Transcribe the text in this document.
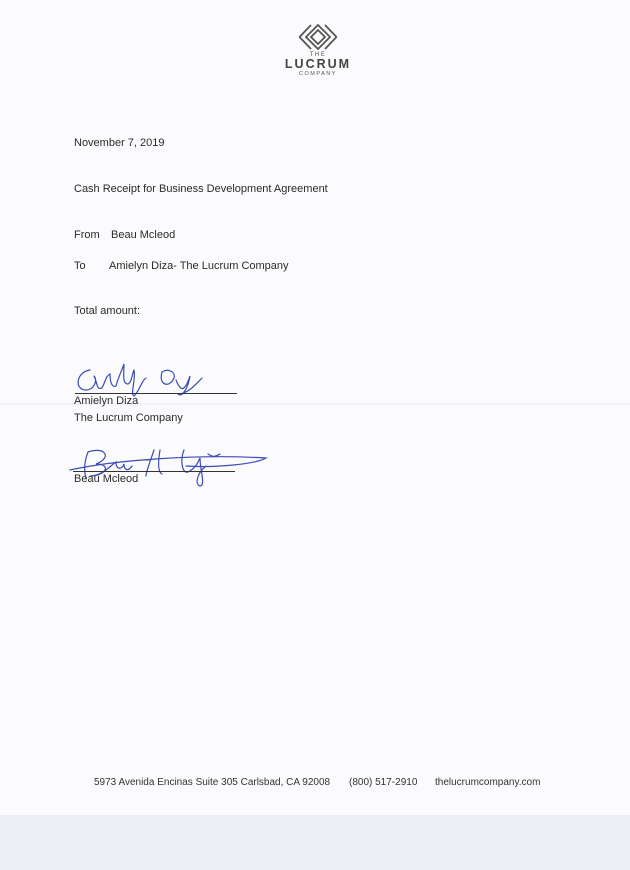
THE
LUCRUM
COMPANY
November 7, 2019
Cash Receipt for Business Development Agreement
From Beau Mcleod
To Amielyn Diza- The Lucrum Company
Total amount:
Amielyn Diza
The Lucrum Company
Beau Mcleod
5973 Avenida Encinas Suite 305 Carlsbad, CA 92008 (800) 517-2910 thelucrumcompany.com
